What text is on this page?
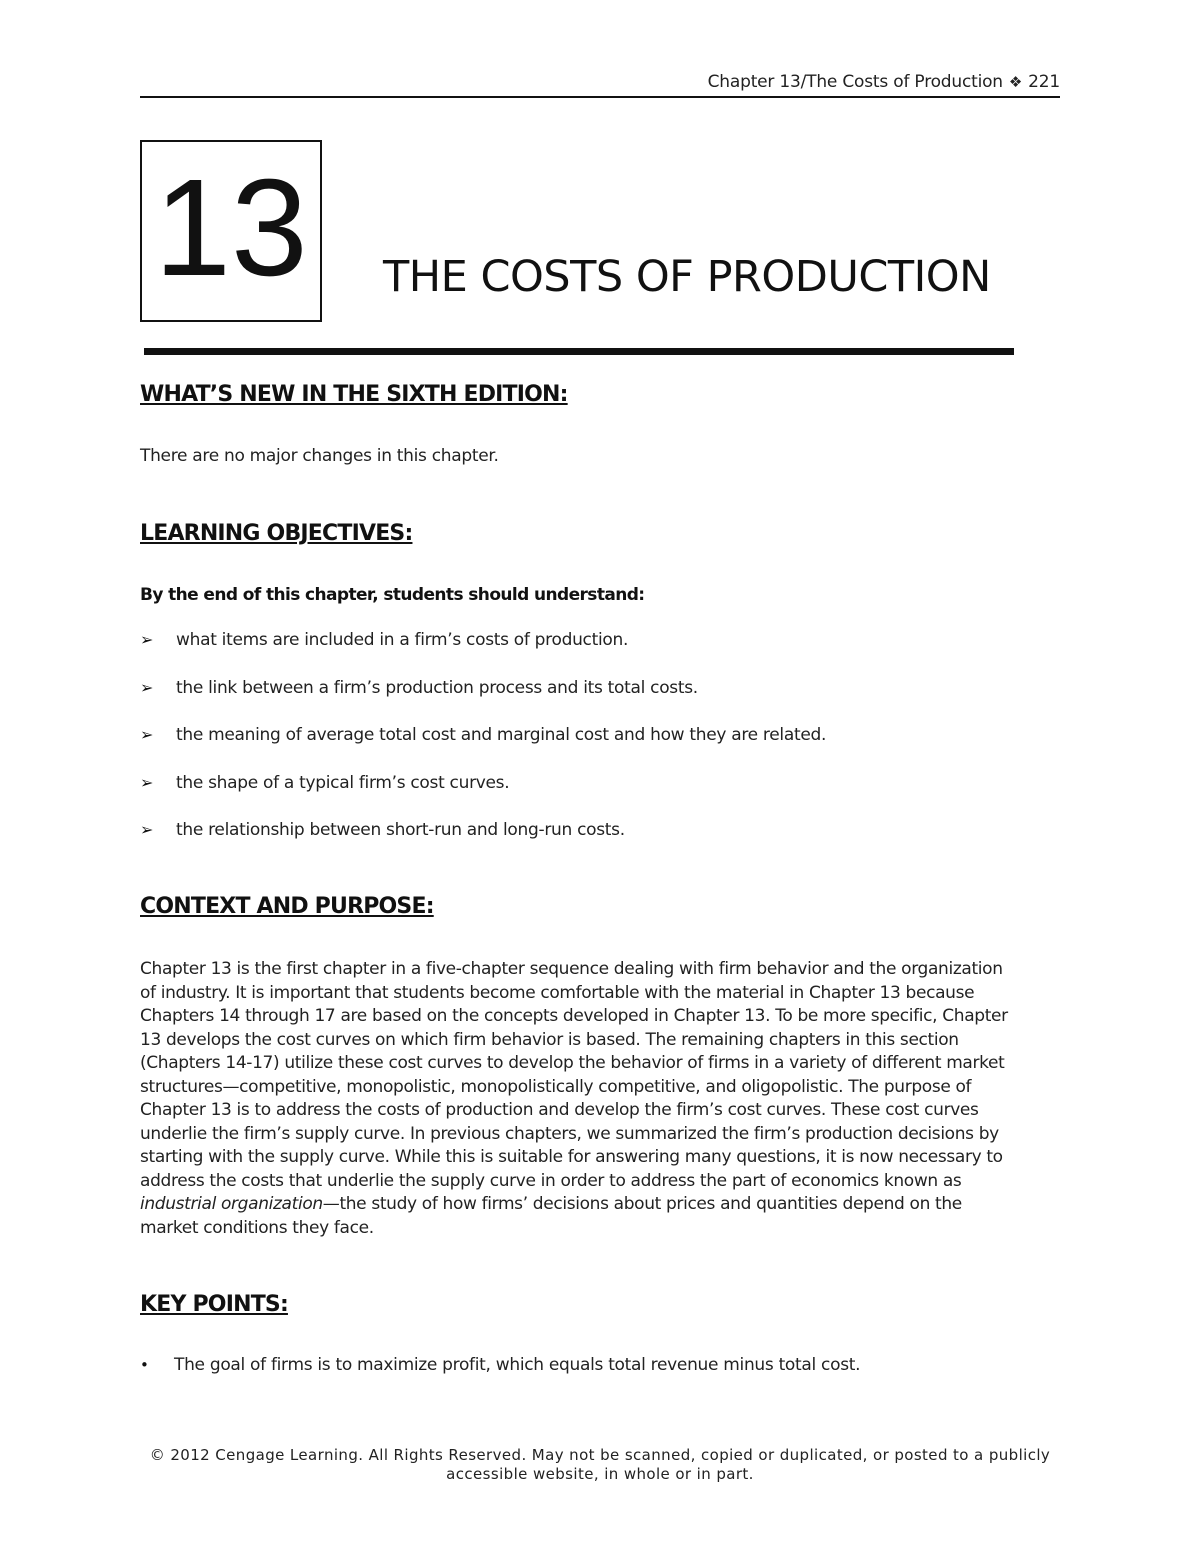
Chapter 13/The Costs of Production ❖ 221
13 THE COSTS OF PRODUCTION
WHAT’S NEW IN THE SIXTH EDITION:
There are no major changes in this chapter.
LEARNING OBJECTIVES:
By the end of this chapter, students should understand:
➢ what items are included in a firm’s costs of production.
➢ the link between a firm’s production process and its total costs.
➢ the meaning of average total cost and marginal cost and how they are related.
➢ the shape of a typical firm’s cost curves.
➢ the relationship between short-run and long-run costs.
CONTEXT AND PURPOSE:
Chapter 13 is the first chapter in a five-chapter sequence dealing with firm behavior and the organization
of industry. It is important that students become comfortable with the material in Chapter 13 because
Chapters 14 through 17 are based on the concepts developed in Chapter 13. To be more specific, Chapter
13 develops the cost curves on which firm behavior is based. The remaining chapters in this section
(Chapters 14-17) utilize these cost curves to develop the behavior of firms in a variety of different market
structures—competitive, monopolistic, monopolistically competitive, and oligopolistic. The purpose of
Chapter 13 is to address the costs of production and develop the firm’s cost curves. These cost curves
underlie the firm’s supply curve. In previous chapters, we summarized the firm’s production decisions by
starting with the supply curve. While this is suitable for answering many questions, it is now necessary to
address the costs that underlie the supply curve in order to address the part of economics known as
industrial organization—the study of how firms’ decisions about prices and quantities depend on the
market conditions they face.
KEY POINTS:
• The goal of firms is to maximize profit, which equals total revenue minus total cost.
© 2012 Cengage Learning. All Rights Reserved. May not be scanned, copied or duplicated, or posted to a publicly
accessible website, in whole or in part.
